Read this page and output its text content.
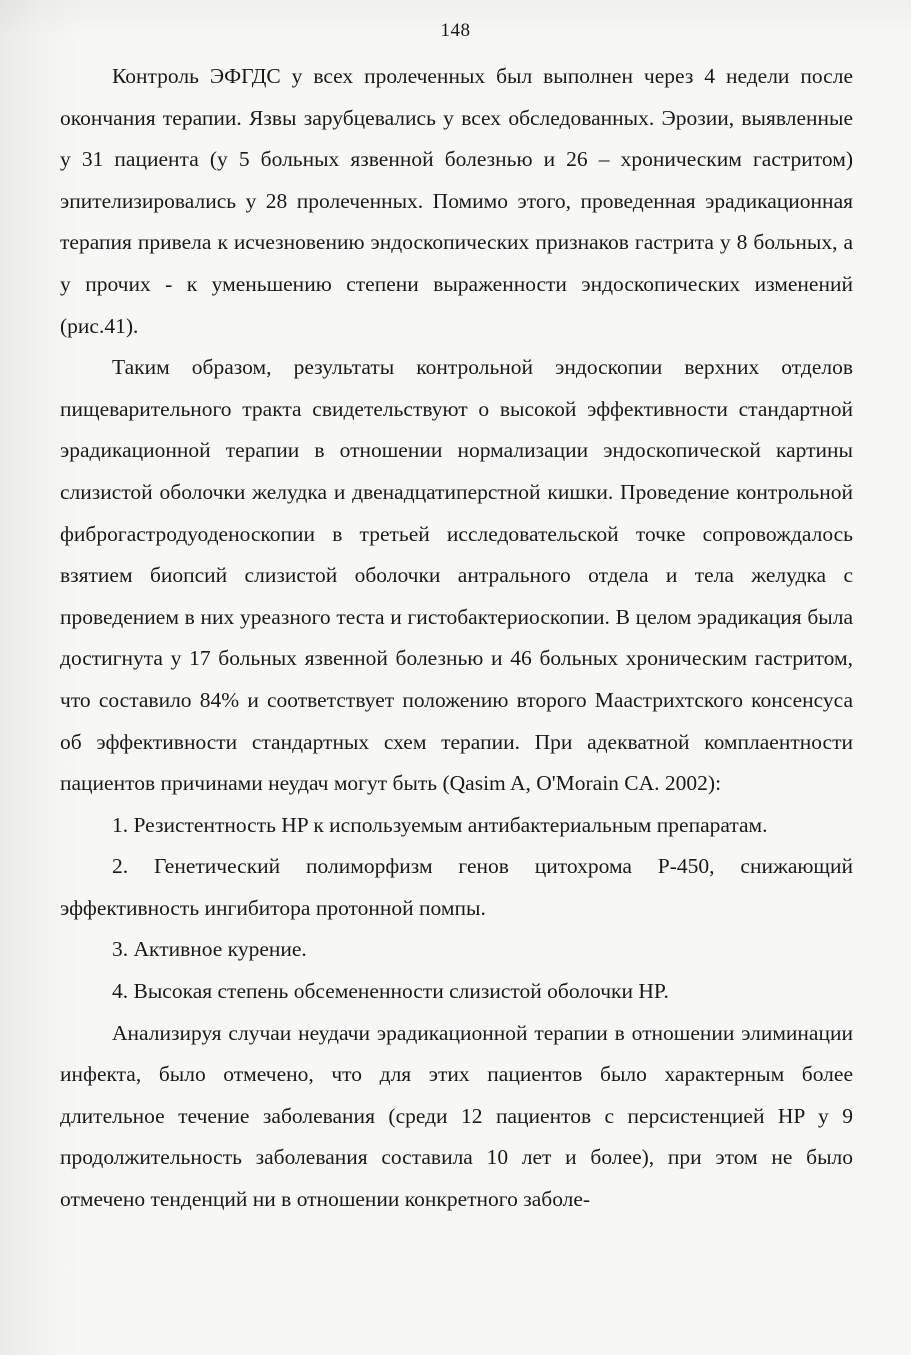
148

Контроль ЭФГДС у всех пролеченных был выполнен через 4 недели после окончания терапии. Язвы зарубцевались у всех обследованных. Эрозии, выявленные у 31 пациента (у 5 больных язвенной болезнью и 26 – хроническим гастритом) эпителизировались у 28 пролеченных. Помимо этого, проведенная эрадикационная терапия привела к исчезновению эндоскопических признаков гастрита у 8 больных, а у прочих - к уменьшению степени выраженности эндоскопических изменений (рис.41).

Таким образом, результаты контрольной эндоскопии верхних отделов пищеварительного тракта свидетельствуют о высокой эффективности стандартной эрадикационной терапии в отношении нормализации эндоскопической картины слизистой оболочки желудка и двенадцатиперстной кишки. Проведение контрольной фиброгастродуоденоскопии в третьей исследовательской точке сопровождалось взятием биопсий слизистой оболочки антрального отдела и тела желудка с проведением в них уреазного теста и гистобактериоскопии. В целом эрадикация была достигнута у 17 больных язвенной болезнью и 46 больных хроническим гастритом, что составило 84% и соответствует положению второго Маастрихтского консенсуса об эффективности стандартных схем терапии. При адекватной комплаентности пациентов причинами неудач могут быть (Qasim A, O'Morain CA. 2002):

1. Резистентность HP к используемым антибактериальным препаратам.

2. Генетический полиморфизм генов цитохрома Р-450, снижающий эффективность ингибитора протонной помпы.

3. Активное курение.

4. Высокая степень обсемененности слизистой оболочки HP.

Анализируя случаи неудачи эрадикационной терапии в отношении элиминации инфекта, было отмечено, что для этих пациентов было характерным более длительное течение заболевания (среди 12 пациентов с персистенцией HP у 9 продолжительность заболевания составила 10 лет и более), при этом не было отмечено тенденций ни в отношении конкретного заболе-
